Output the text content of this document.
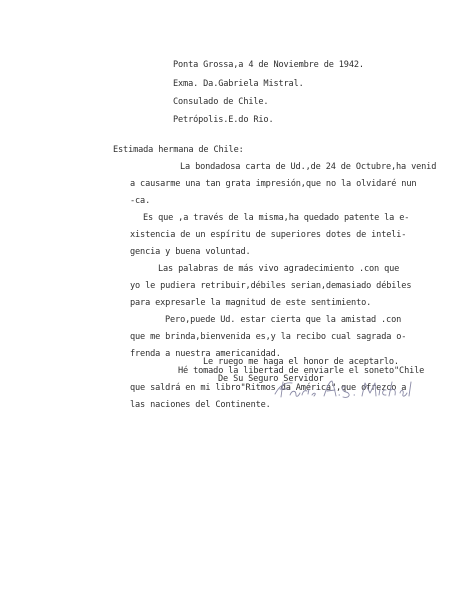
Ponta Grossa,a 4 de Noviembre de 1942.
Exma. Da.Gabriela Mistral.
Consulado de Chile.
Petrópolis.E.do Rio.
Estimada hermana de Chile:
La bondadosa carta de Ud.,de 24 de Octubre,ha venid
a causarme una tan grata impresión,que no la olvidaré nun
-ca.
Es que ,a través de la misma,ha quedado patente la e-
xistencia de un espíritu de superiores dotes de inteli-
gencia y buena voluntad.
Las palabras de más vivo agradecimiento .con que
yo le pudiera retribuir,débiles serian,demasiado débiles
para expresarle la magnitud de este sentimiento.
Pero,puede Ud. estar cierta que la amistad .con
que me brinda,bienvenida es,y la recibo cual sagrada o-
frenda a nuestra americanidad.
Hé tomado la libertad de enviarle el soneto"Chile
que saldrá en mi libro"Ritmos da América",que ofrezco a
las naciones del Continente.
Le ruego me haga el honor de aceptarlo.
De Su Seguro Servidor
